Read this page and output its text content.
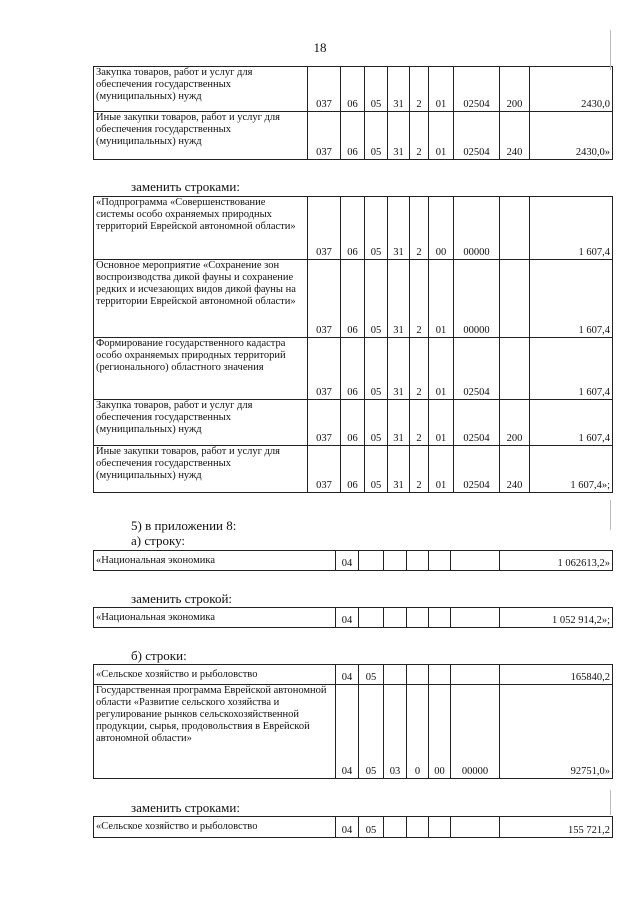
18
Закупка товаров, работ и услуг для обеспечения государственных (муниципальных) нужд	037	06	05	31	2	01	02504	200	2430,0
Иные закупки товаров, работ и услуг для обеспечения государственных (муниципальных) нужд	037	06	05	31	2	01	02504	240	2430,0»
заменить строками:
«Подпрограмма «Совершенствование системы особо охраняемых природных территорий Еврейской автономной области»	037	06	05	31	2	00	00000		1 607,4
Основное мероприятие «Сохранение зон воспроизводства дикой фауны и сохранение редких и исчезающих видов дикой фауны на территории Еврейской автономной области»	037	06	05	31	2	01	00000		1 607,4
Формирование государственного кадастра особо охраняемых природных территорий (регионального) областного значения	037	06	05	31	2	01	02504		1 607,4
Закупка товаров, работ и услуг для обеспечения государственных (муниципальных) нужд	037	06	05	31	2	01	02504	200	1 607,4
Иные закупки товаров, работ и услуг для обеспечения государственных (муниципальных) нужд	037	06	05	31	2	01	02504	240	1 607,4»;
5) в приложении 8:
а) строку:
«Национальная экономика	04						1 062613,2»
заменить строкой:
«Национальная экономика	04						1 052 914,2»;
б) строки:
«Сельское хозяйство и рыболовство	04	05					165840,2
Государственная программа Еврейской автономной области «Развитие сельского хозяйства и регулирование рынков сельскохозяйственной продукции, сырья, продовольствия в Еврейской автономной области»	04	05	03	0	00	00000	92751,0»
заменить строками:
«Сельское хозяйство и рыболовство	04	05					155 721,2
